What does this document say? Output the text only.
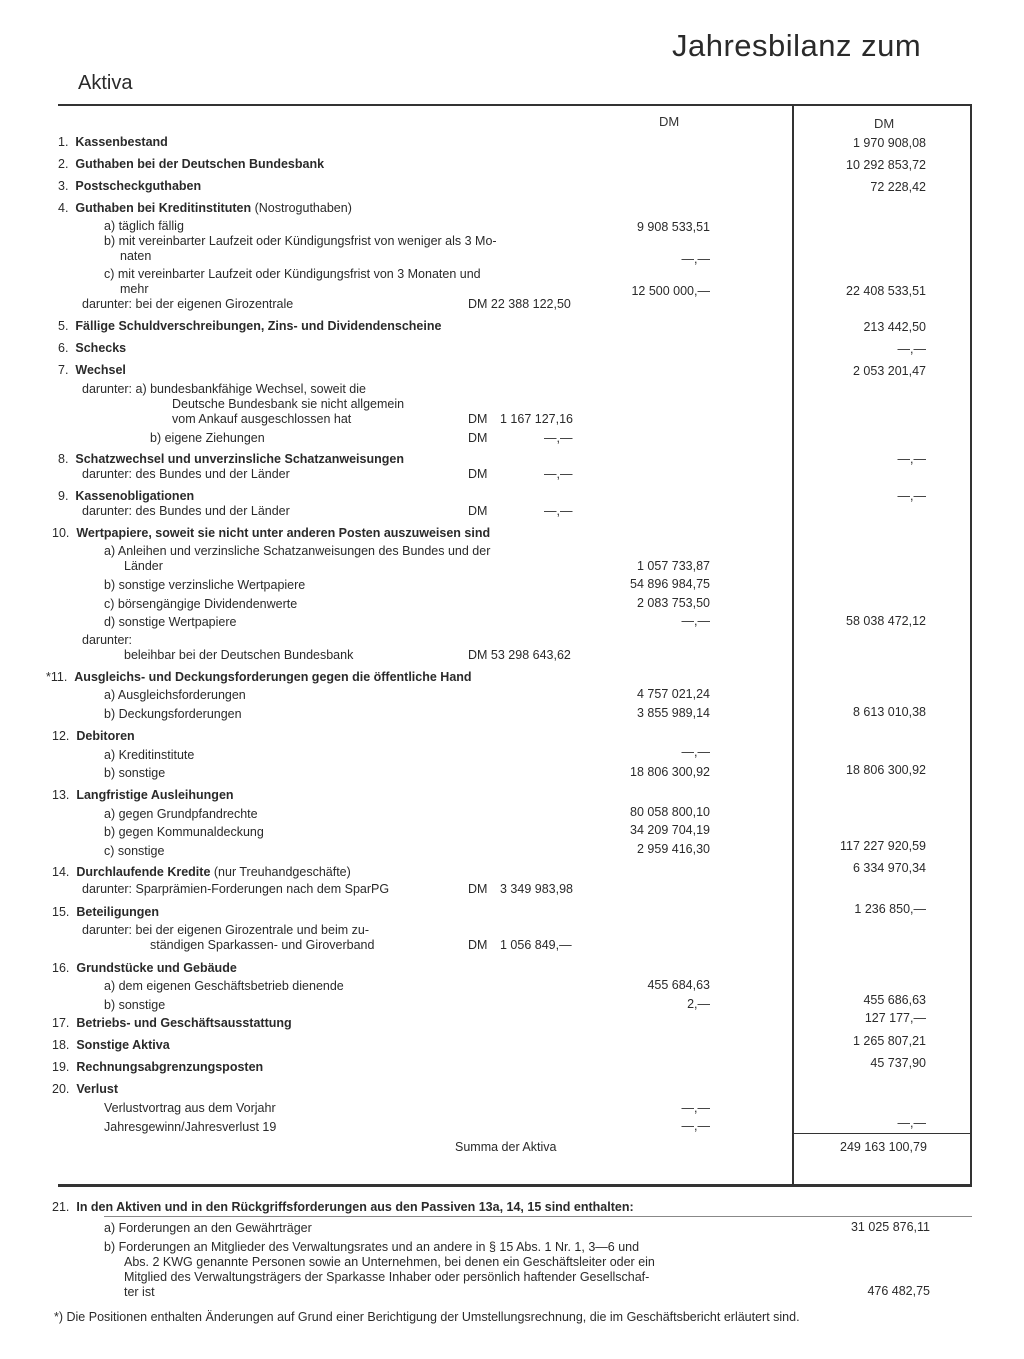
Jahresbilanz zum
Aktiva
DM	DM
1. Kassenbestand	1 970 908,08
2. Guthaben bei der Deutschen Bundesbank	10 292 853,72
3. Postscheckguthaben	72 228,42
4. Guthaben bei Kreditinstituten (Nostroguthaben)
a) täglich fällig	9 908 533,51
b) mit vereinbarter Laufzeit oder Kündigungsfrist von weniger als 3 Mo-
naten	—,—
c) mit vereinbarter Laufzeit oder Kündigungsfrist von 3 Monaten und
mehr	12 500 000,—	22 408 533,51
darunter: bei der eigenen Girozentrale	DM 22 388 122,50
5. Fällige Schuldverschreibungen, Zins- und Dividendenscheine	213 442,50
6. Schecks	—,—
7. Wechsel	2 053 201,47
darunter: a) bundesbankfähige Wechsel, soweit die
Deutsche Bundesbank sie nicht allgemein
vom Ankauf ausgeschlossen hat	DM 1 167 127,16
b) eigene Ziehungen	DM	—,—
8. Schatzwechsel und unverzinsliche Schatzanweisungen	—,—
darunter: des Bundes und der Länder	DM	—,—
9. Kassenobligationen	—,—
darunter: des Bundes und der Länder	DM	—,—
10. Wertpapiere, soweit sie nicht unter anderen Posten auszuweisen sind
a) Anleihen und verzinsliche Schatzanweisungen des Bundes und der
Länder	1 057 733,87
b) sonstige verzinsliche Wertpapiere	54 896 984,75
c) börsengängige Dividendenwerte	2 083 753,50
d) sonstige Wertpapiere	—,—	58 038 472,12
darunter:
beleihbar bei der Deutschen Bundesbank	DM 53 298 643,62
*11. Ausgleichs- und Deckungsforderungen gegen die öffentliche Hand
a) Ausgleichsforderungen	4 757 021,24
b) Deckungsforderungen	3 855 989,14	8 613 010,38
12. Debitoren
a) Kreditinstitute	—,—
b) sonstige	18 806 300,92	18 806 300,92
13. Langfristige Ausleihungen
a) gegen Grundpfandrechte	80 058 800,10
b) gegen Kommunaldeckung	34 209 704,19
c) sonstige	2 959 416,30	117 227 920,59
14. Durchlaufende Kredite (nur Treuhandgeschäfte)	6 334 970,34
darunter: Sparprämien-Forderungen nach dem SparPG	DM 3 349 983,98
15. Beteiligungen	1 236 850,—
darunter: bei der eigenen Girozentrale und beim zu-
ständigen Sparkassen- und Giroverband	DM 1 056 849,—
16. Grundstücke und Gebäude
a) dem eigenen Geschäftsbetrieb dienende	455 684,63
b) sonstige	2,—	455 686,63
17. Betriebs- und Geschäftsausstattung	127 177,—
18. Sonstige Aktiva	1 265 807,21
19. Rechnungsabgrenzungsposten	45 737,90
20. Verlust
Verlustvortrag aus dem Vorjahr	—,—
Jahresgewinn/Jahresverlust 19	—,—	—,—
Summa der Aktiva	249 163 100,79
21. In den Aktiven und in den Rückgriffsforderungen aus den Passiven 13a, 14, 15 sind enthalten:
a) Forderungen an den Gewährträger	31 025 876,11
b) Forderungen an Mitglieder des Verwaltungsrates und an andere in § 15 Abs. 1 Nr. 1, 3—6 und
Abs. 2 KWG genannte Personen sowie an Unternehmen, bei denen ein Geschäftsleiter oder ein
Mitglied des Verwaltungsträgers der Sparkasse Inhaber oder persönlich haftender Gesellschaf-
ter ist	476 482,75
*) Die Positionen enthalten Änderungen auf Grund einer Berichtigung der Umstellungsrechnung, die im Geschäftsbericht erläutert sind.
